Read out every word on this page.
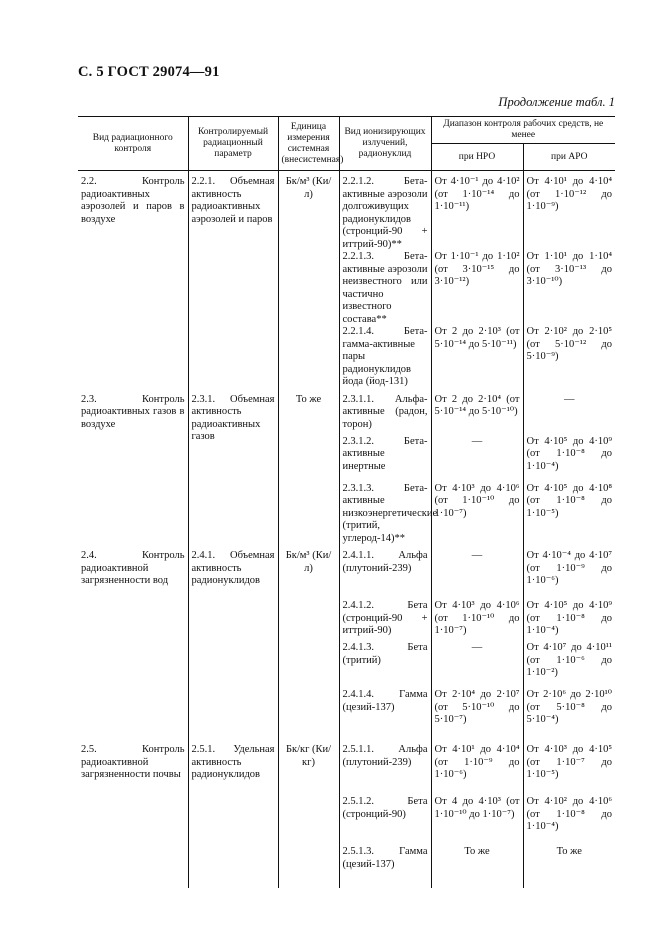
С. 5 ГОСТ 29074—91
Продолжение табл. 1
Вид радиационного контроля	Контролируемый радиационный параметр	Единица измерения системная (внесистемная)	Вид ионизирующих излучений, радионуклид	Диапазон контроля рабочих средств, не менее	
				при НРО	при АРО
2.2. Контроль радиоактивных аэрозолей и паров в воздухе	2.2.1. Объемная активность радиоактивных аэрозолей и паров	Бк/м³ (Ки/л)	2.2.1.2. Бета-активные аэрозоли долгоживущих радионуклидов (стронций-90 + иттрий-90)**	От 4·10⁻¹ до 4·10² (от 1·10⁻¹⁴ до 1·10⁻¹¹)	От 4·10¹ до 4·10⁴ (от 1·10⁻¹² до 1·10⁻⁹)
			2.2.1.3. Бета-активные аэрозоли неизвестного или частично известного состава**	От 1·10⁻¹ до 1·10² (от 3·10⁻¹⁵ до 3·10⁻¹²)	От 1·10¹ до 1·10⁴ (от 3·10⁻¹³ до 3·10⁻¹⁰)
			2.2.1.4. Бета-гамма-активные пары радионуклидов йода (йод-131)	От 2 до 2·10³ (от 5·10⁻¹⁴ до 5·10⁻¹¹)	От 2·10² до 2·10⁵ (от 5·10⁻¹² до 5·10⁻⁹)
2.3. Контроль радиоактивных газов в воздухе	2.3.1. Объемная активность радиоактивных газов	То же	2.3.1.1. Альфа-активные (радон, торон)	От 2 до 2·10⁴ (от 5·10⁻¹⁴ до 5·10⁻¹⁰)	—
			2.3.1.2. Бета-активные инертные	—	От 4·10⁵ до 4·10⁹ (от 1·10⁻⁸ до 1·10⁻⁴)
			2.3.1.3. Бета-активные низкоэнергетические (тритий, углерод-14)**	От 4·10³ до 4·10⁶ (от 1·10⁻¹⁰ до 1·10⁻⁷)	От 4·10⁵ до 4·10⁸ (от 1·10⁻⁸ до 1·10⁻⁵)
2.4. Контроль радиоактивной загрязненности вод	2.4.1. Объемная активность радионуклидов	Бк/м³ (Ки/л)	2.4.1.1. Альфа (плутоний-239)	—	От 4·10⁻⁴ до 4·10⁷ (от 1·10⁻⁹ до 1·10⁻⁶)
			2.4.1.2. Бета (стронций-90 + иттрий-90)	От 4·10³ до 4·10⁶ (от 1·10⁻¹⁰ до 1·10⁻⁷)	От 4·10⁵ до 4·10⁹ (от 1·10⁻⁸ до 1·10⁻⁴)
			2.4.1.3. Бета (тритий)	—	От 4·10⁷ до 4·10¹¹ (от 1·10⁻⁶ до 1·10⁻²)
			2.4.1.4. Гамма (цезий-137)	От 2·10⁴ до 2·10⁷ (от 5·10⁻¹⁰ до 5·10⁻⁷)	От 2·10⁶ до 2·10¹⁰ (от 5·10⁻⁸ до 5·10⁻⁴)
2.5. Контроль радиоактивной загрязненности почвы	2.5.1. Удельная активность радионуклидов	Бк/кг (Ки/кг)	2.5.1.1. Альфа (плутоний-239)	От 4·10¹ до 4·10⁴ (от 1·10⁻⁹ до 1·10⁻⁶)	От 4·10³ до 4·10⁵ (от 1·10⁻⁷ до 1·10⁻⁵)
			2.5.1.2. Бета (стронций-90)	От 4 до 4·10³ (от 1·10⁻¹⁰ до 1·10⁻⁷)	От 4·10² до 4·10⁶ (от 1·10⁻⁸ до 1·10⁻⁴)
			2.5.1.3. Гамма (цезий-137)	То же	То же
